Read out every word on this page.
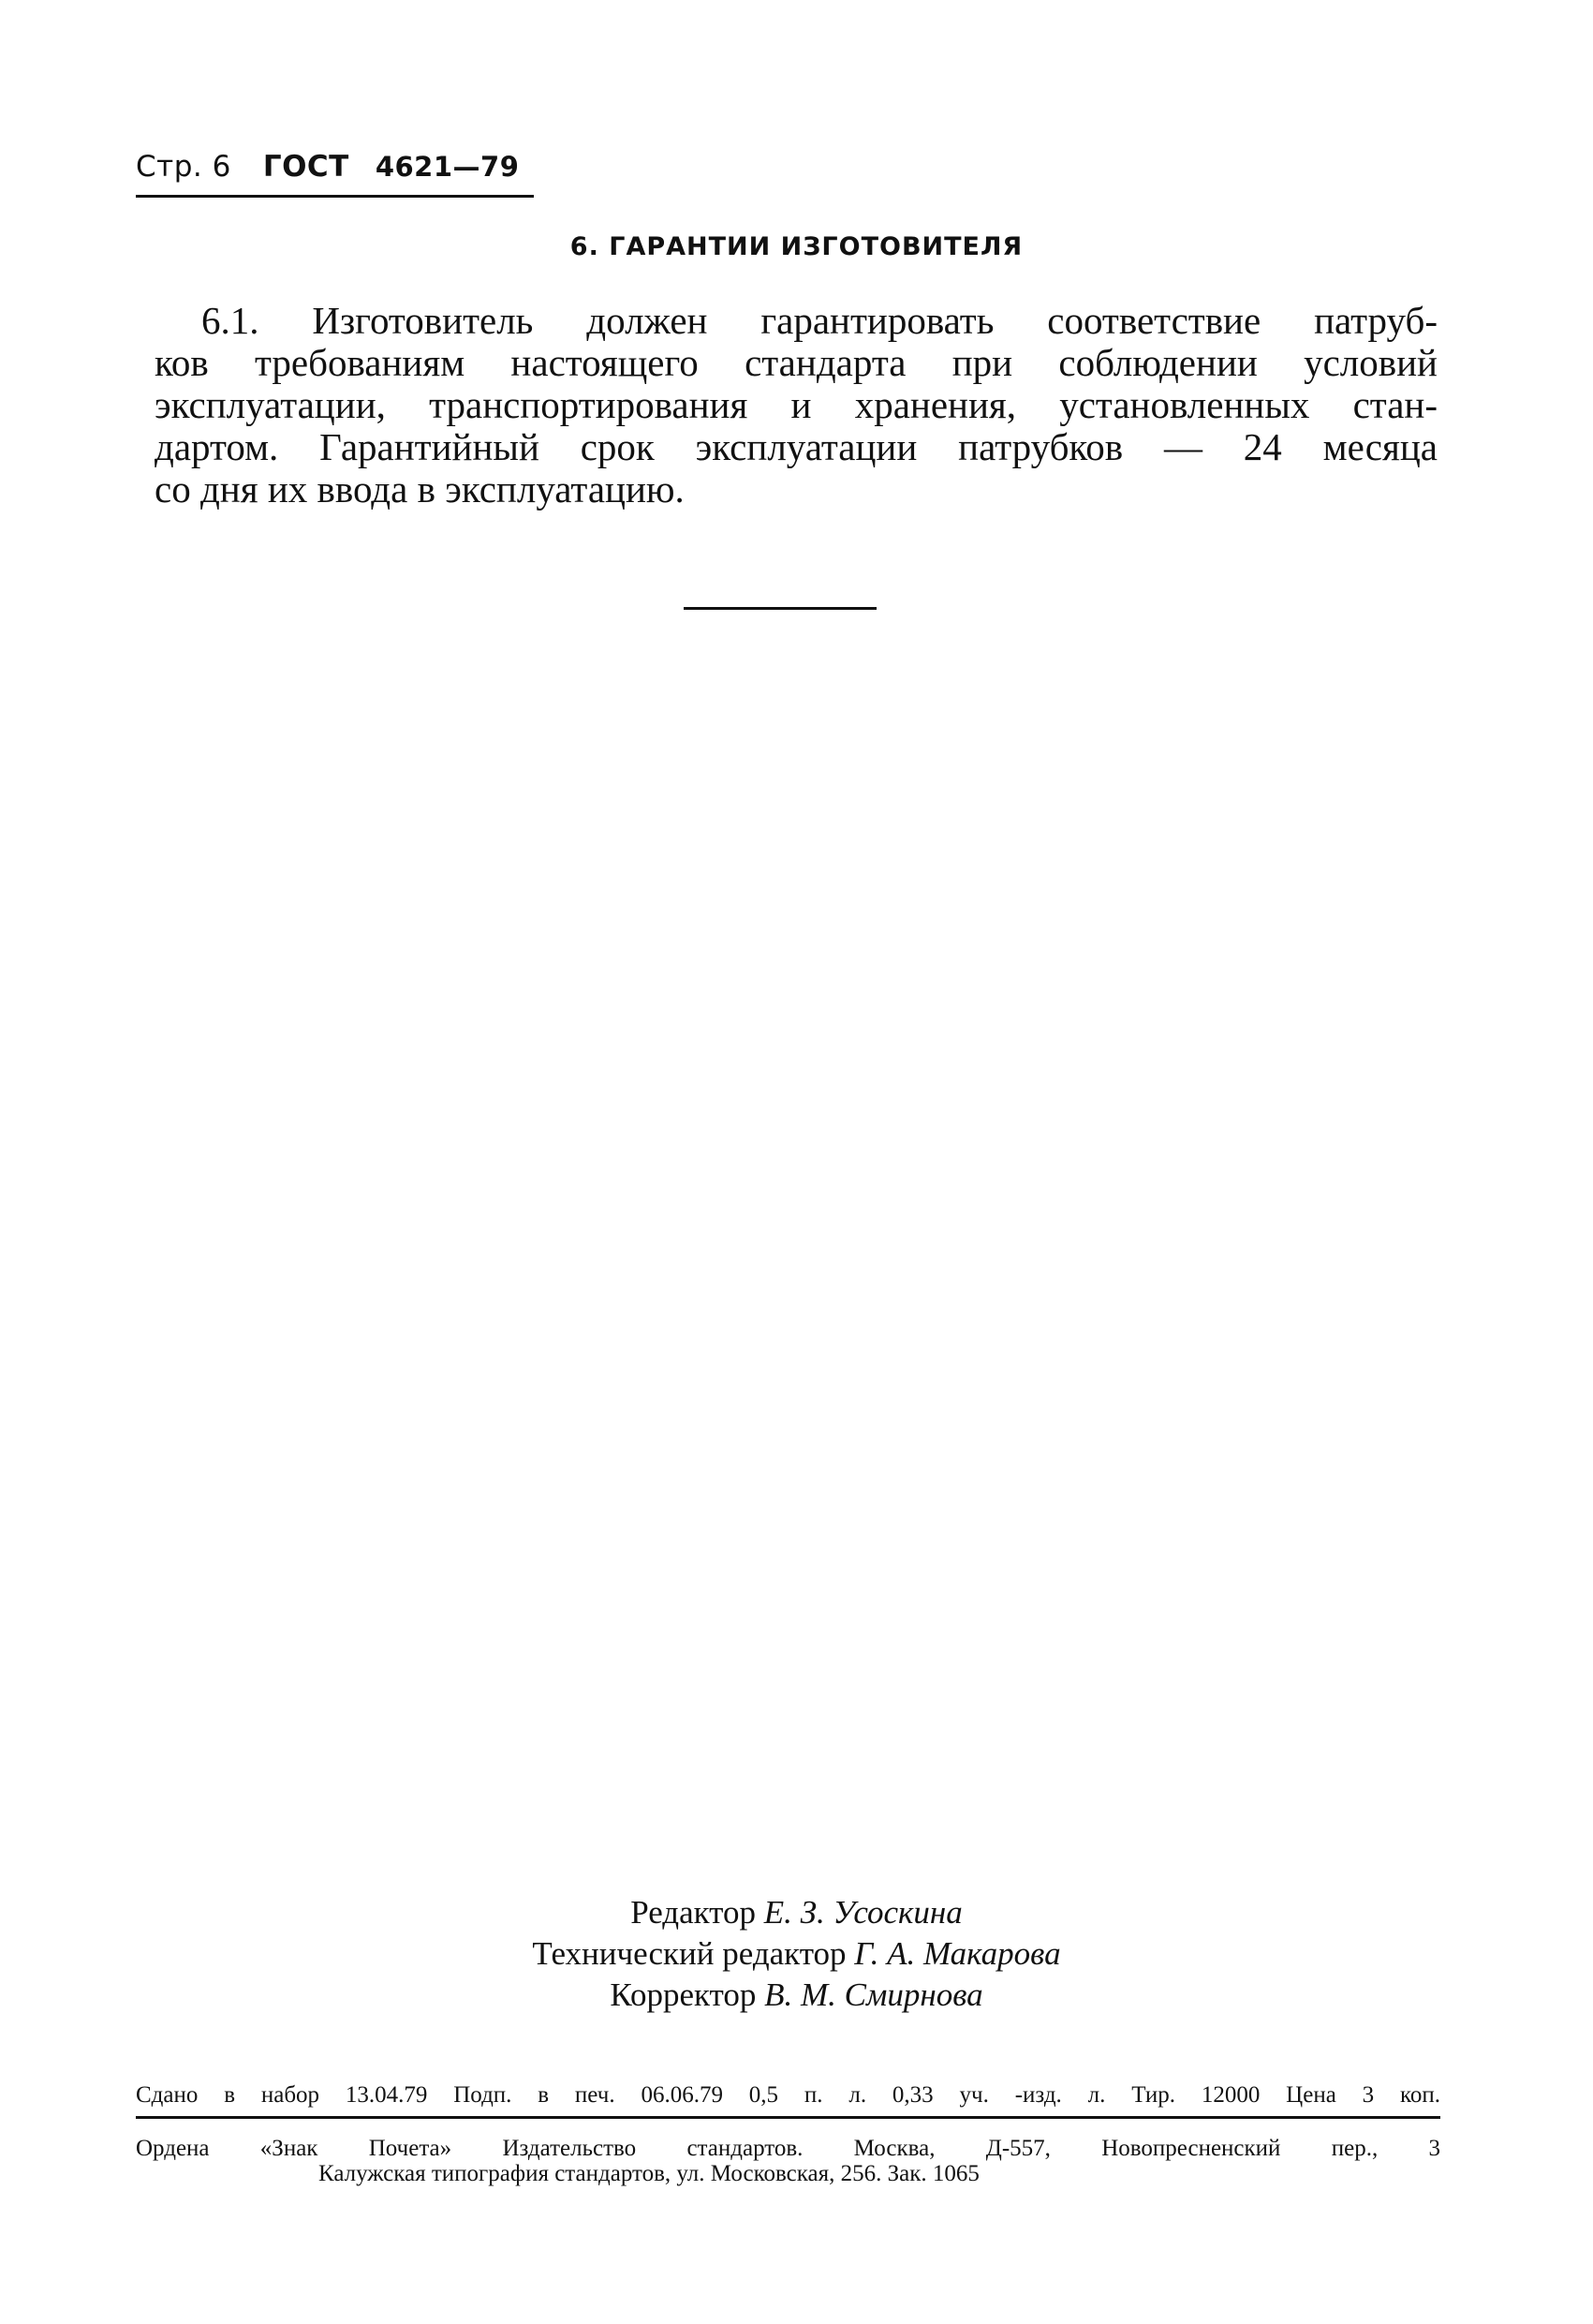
Стр. 6 ГОСТ 4621—79
6. ГАРАНТИИ ИЗГОТОВИТЕЛЯ

6.1. Изготовитель должен гарантировать соответствие патруб-
ков требованиям настоящего стандарта при соблюдении условий
эксплуатации, транспортирования и хранения, установленных стан-
дартом. Гарантийный срок эксплуатации патрубков — 24 месяца
со дня их ввода в эксплуатацию.

Редактор Е. З. Усоскина
Технический редактор Г. А. Макарова
Корректор В. М. Смирнова
Сдано в набор 13.04.79 Подп. в печ. 06.06.79 0,5 п. л. 0,33 уч. -изд. л. Тир. 12000 Цена 3 коп.
Ордена «Знак Почета» Издательство стандартов. Москва, Д-557, Новопресненский пер., 3
Калужская типография стандартов, ул. Московская, 256. Зак. 1065
